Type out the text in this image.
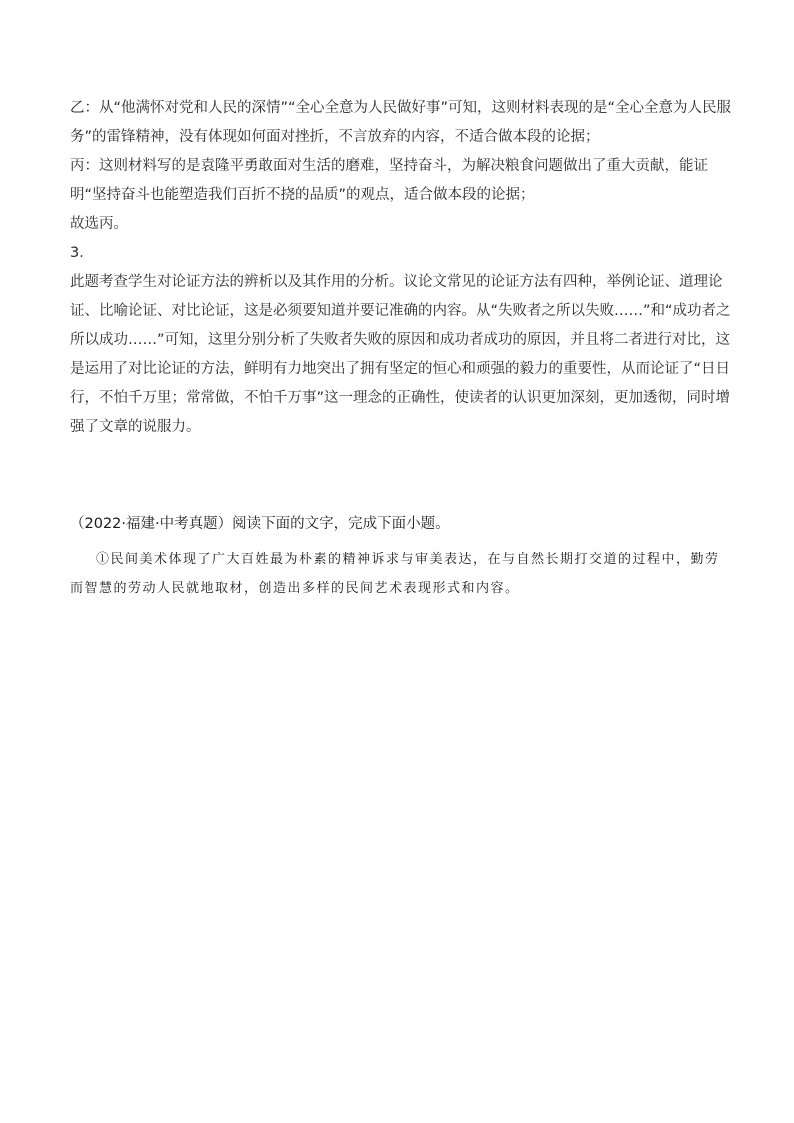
乙：从“他满怀对党和人民的深情”“全心全意为人民做好事”可知，这则材料表现的是“全心全意为人民服务”的雷锋精神，没有体现如何面对挫折，不言放弃的内容，不适合做本段的论据；

丙：这则材料写的是袁隆平勇敢面对生活的磨难，坚持奋斗，为解决粮食问题做出了重大贡献，能证明“坚持奋斗也能塑造我们百折不挠的品质”的观点，适合做本段的论据；

故选丙。

3．

此题考查学生对论证方法的辨析以及其作用的分析。议论文常见的论证方法有四种，举例论证、道理论证、比喻论证、对比论证，这是必须要知道并要记准确的内容。从“失败者之所以失败……”和“成功者之所以成功……”可知，这里分别分析了失败者失败的原因和成功者成功的原因，并且将二者进行对比，这是运用了对比论证的方法，鲜明有力地突出了拥有坚定的恒心和顽强的毅力的重要性，从而论证了“日日行，不怕千万里；常常做，不怕千万事”这一理念的正确性，使读者的认识更加深刻，更加透彻，同时增强了文章的说服力。

（2022·福建·中考真题）阅读下面的文字，完成下面小题。

①民间美术体现了广大百姓最为朴素的精神诉求与审美表达，在与自然长期打交道的过程中，勤劳而智慧的劳动人民就地取材，创造出多样的民间艺术表现形式和内容。
